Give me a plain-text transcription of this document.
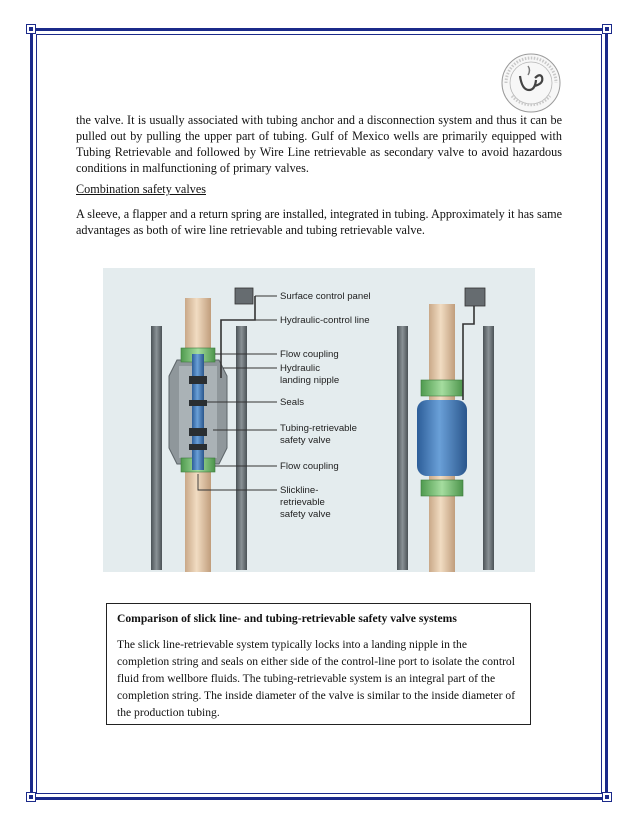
the valve. It is usually associated with tubing anchor and a disconnection system and thus it can be pulled out by pulling the upper part of tubing. Gulf of Mexico wells are primarily equipped with Tubing Retrievable and followed by Wire Line retrievable as secondary valve to avoid hazardous conditions in malfunctioning of primary valves.
Combination safety valves
A sleeve, a flapper and a return spring are installed, integrated in tubing. Approximately it has same advantages as both of wire line retrievable and tubing retrievable valve.
Surface control panel
Hydraulic-control line
Flow coupling
Hydraulic
landing nipple
Seals
Tubing-retrievable
safety valve
Flow coupling
Slickline-
retrievable
safety valve
Comparison of slick line- and tubing-retrievable safety valve systems
The slick line-retrievable system typically locks into a landing nipple in the completion string and seals on either side of the control-line port to isolate the control fluid from wellbore fluids. The tubing-retrievable system is an integral part of the completion string. The inside diameter of the valve is similar to the inside diameter of the production tubing.
